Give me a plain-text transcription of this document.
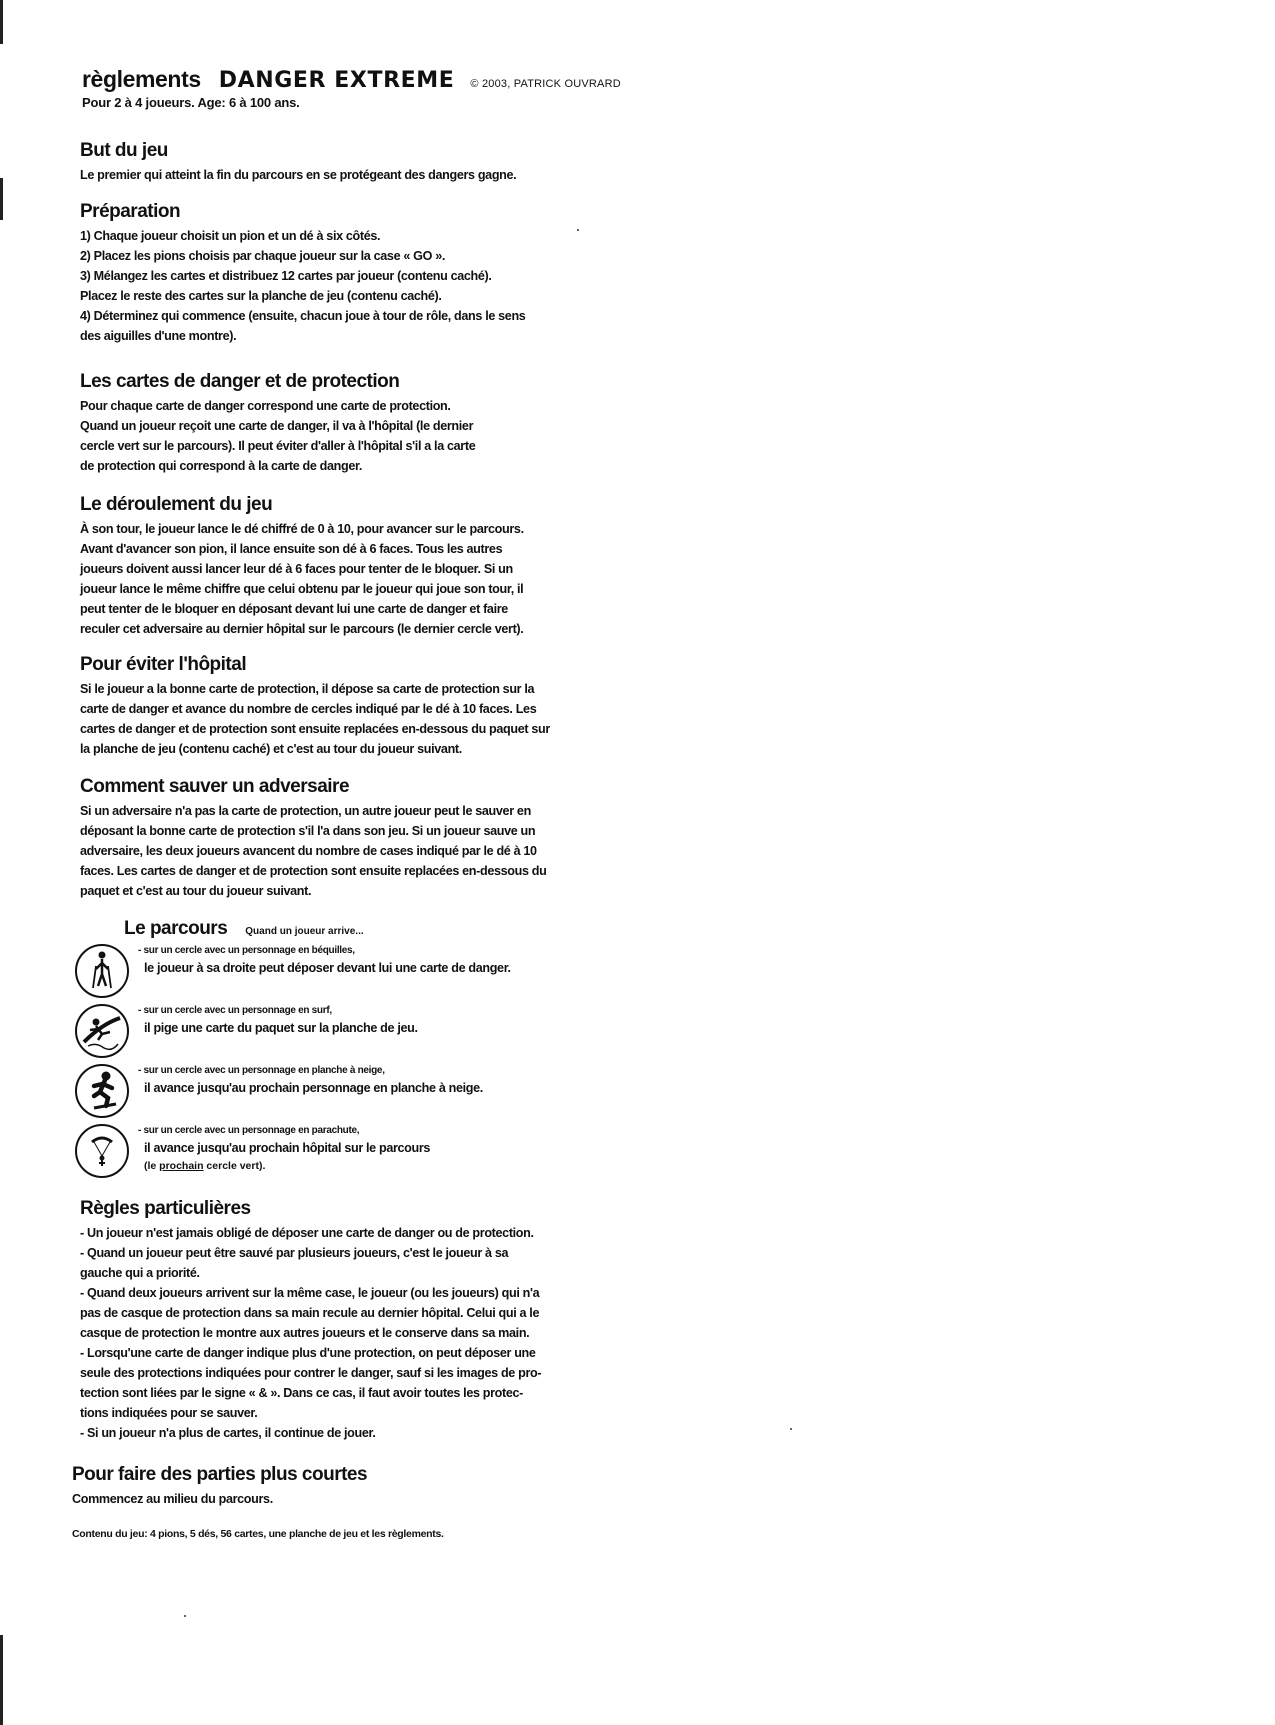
règlements DANGER EXTREME © 2003, PATRICK OUVRARD
Pour 2 à 4 joueurs. Age: 6 à 100 ans.
But du jeu
Le premier qui atteint la fin du parcours en se protégeant des dangers gagne.
Préparation
1) Chaque joueur choisit un pion et un dé à six côtés.
2) Placez les pions choisis par chaque joueur sur la case « GO ».
3) Mélangez les cartes et distribuez 12 cartes par joueur (contenu caché).
Placez le reste des cartes sur la planche de jeu (contenu caché).
4) Déterminez qui commence (ensuite, chacun joue à tour de rôle, dans le sens
des aiguilles d'une montre).
Les cartes de danger et de protection
Pour chaque carte de danger correspond une carte de protection.
Quand un joueur reçoit une carte de danger, il va à l'hôpital (le dernier
cercle vert sur le parcours). Il peut éviter d'aller à l'hôpital s'il a la carte
de protection qui correspond à la carte de danger.
Le déroulement du jeu
À son tour, le joueur lance le dé chiffré de 0 à 10, pour avancer sur le parcours.
Avant d'avancer son pion, il lance ensuite son dé à 6 faces. Tous les autres
joueurs doivent aussi lancer leur dé à 6 faces pour tenter de le bloquer. Si un
joueur lance le même chiffre que celui obtenu par le joueur qui joue son tour, il
peut tenter de le bloquer en déposant devant lui une carte de danger et faire
reculer cet adversaire au dernier hôpital sur le parcours (le dernier cercle vert).
Pour éviter l'hôpital
Si le joueur a la bonne carte de protection, il dépose sa carte de protection sur la
carte de danger et avance du nombre de cercles indiqué par le dé à 10 faces. Les
cartes de danger et de protection sont ensuite replacées en-dessous du paquet sur
la planche de jeu (contenu caché) et c'est au tour du joueur suivant.
Comment sauver un adversaire
Si un adversaire n'a pas la carte de protection, un autre joueur peut le sauver en
déposant la bonne carte de protection s'il l'a dans son jeu. Si un joueur sauve un
adversaire, les deux joueurs avancent du nombre de cases indiqué par le dé à 10
faces. Les cartes de danger et de protection sont ensuite replacées en-dessous du
paquet et c'est au tour du joueur suivant.
Le parcours Quand un joueur arrive...
- sur un cercle avec un personnage en béquilles,
le joueur à sa droite peut déposer devant lui une carte de danger.
- sur un cercle avec un personnage en surf,
il pige une carte du paquet sur la planche de jeu.
- sur un cercle avec un personnage en planche à neige,
il avance jusqu'au prochain personnage en planche à neige.
- sur un cercle avec un personnage en parachute,
il avance jusqu'au prochain hôpital sur le parcours
(le prochain cercle vert).
Règles particulières
- Un joueur n'est jamais obligé de déposer une carte de danger ou de protection.
- Quand un joueur peut être sauvé par plusieurs joueurs, c'est le joueur à sa
gauche qui a priorité.
- Quand deux joueurs arrivent sur la même case, le joueur (ou les joueurs) qui n'a
pas de casque de protection dans sa main recule au dernier hôpital. Celui qui a le
casque de protection le montre aux autres joueurs et le conserve dans sa main.
- Lorsqu'une carte de danger indique plus d'une protection, on peut déposer une
seule des protections indiquées pour contrer le danger, sauf si les images de pro-
tection sont liées par le signe « & ». Dans ce cas, il faut avoir toutes les protec-
tions indiquées pour se sauver.
- Si un joueur n'a plus de cartes, il continue de jouer.
Pour faire des parties plus courtes
Commencez au milieu du parcours.
Contenu du jeu: 4 pions, 5 dés, 56 cartes, une planche de jeu et les règlements.
